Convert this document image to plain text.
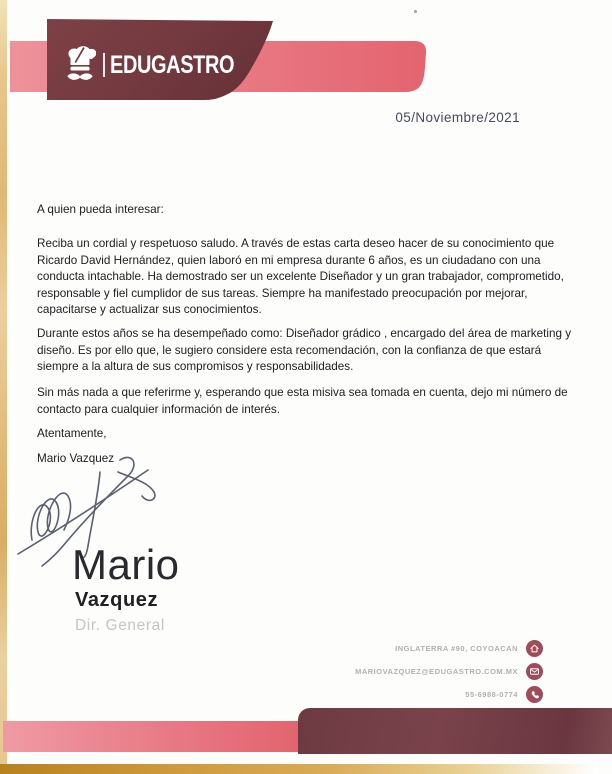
EDUGASTRO
05/Noviembre/2021

A quien pueda interesar:

Reciba un cordial y respetuoso saludo. A través de estas carta deseo hacer de su conocimiento que Ricardo David Hernández, quien laboró en mi empresa durante 6 años, es un ciudadano con una conducta intachable. Ha demostrado ser un excelente Diseñador y un gran trabajador, comprometido, responsable y fiel cumplidor de sus tareas. Siempre ha manifestado preocupación por mejorar, capacitarse y actualizar sus conocimientos.

Durante estos años se ha desempeñado como: Diseñador grádico , encargado del área de marketing y diseño. Es por ello que, le sugiero considere esta recomendación, con la confianza de que estará siempre a la altura de sus compromisos y responsabilidades.

Sin más nada a que referirme y, esperando que esta misiva sea tomada en cuenta, dejo mi número de contacto para cualquier información de interés.

Atentamente,

Mario Vazquez

Mario
Vazquez
Dir. General
INGLATERRA #90, COYOACAN
MARIOVAZQUEZ@EDUGASTRO.COM.MX
55-6988-0774
